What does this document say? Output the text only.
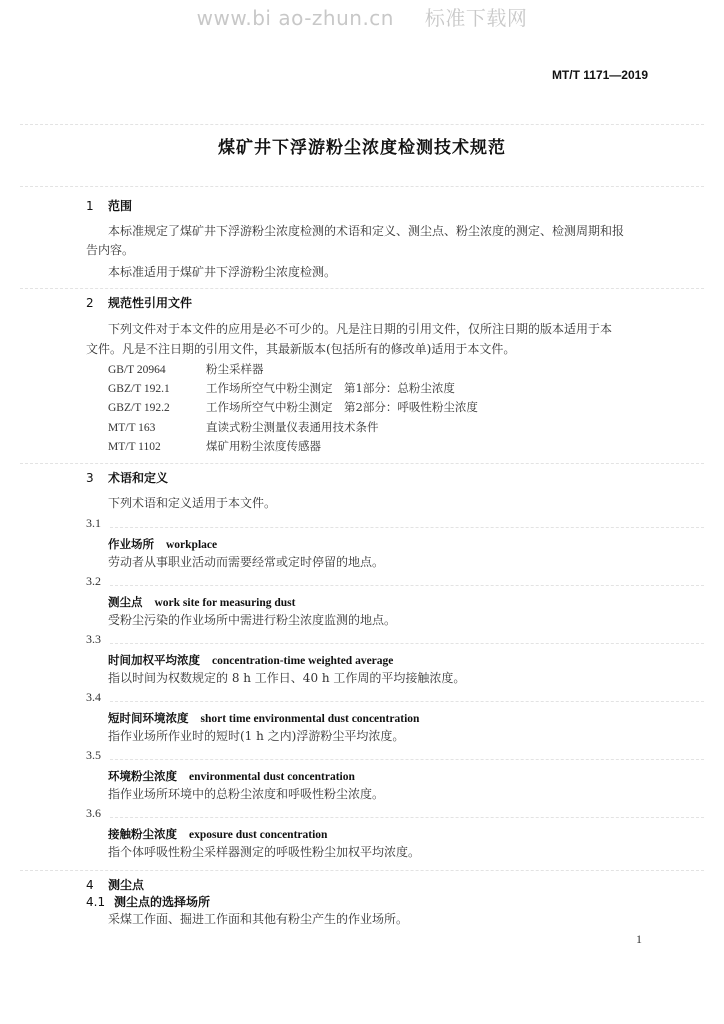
www.bi ao-zhun.cn 标准下载网
MT/T 1171—2019
煤矿井下浮游粉尘浓度检测技术规范
1 范围
本标准规定了煤矿井下浮游粉尘浓度检测的术语和定义、测尘点、粉尘浓度的测定、检测周期和报
告内容。
本标准适用于煤矿井下浮游粉尘浓度检测。
2 规范性引用文件
下列文件对于本文件的应用是必不可少的。凡是注日期的引用文件，仅所注日期的版本适用于本
文件。凡是不注日期的引用文件，其最新版本(包括所有的修改单)适用于本文件。
GB/T 20964	粉尘采样器
GBZ/T 192.1	工作场所空气中粉尘测定　第1部分：总粉尘浓度
GBZ/T 192.2	工作场所空气中粉尘测定　第2部分：呼吸性粉尘浓度
MT/T 163	直读式粉尘测量仪表通用技术条件
MT/T 1102	煤矿用粉尘浓度传感器
3 术语和定义
下列术语和定义适用于本文件。
3.1
作业场所 workplace
劳动者从事职业活动而需要经常或定时停留的地点。
3.2
测尘点 work site for measuring dust
受粉尘污染的作业场所中需进行粉尘浓度监测的地点。
3.3
时间加权平均浓度 concentration-time weighted average
指以时间为权数规定的 8 h 工作日、40 h 工作周的平均接触浓度。
3.4
短时间环境浓度 short time environmental dust concentration
指作业场所作业时的短时(1 h 之内)浮游粉尘平均浓度。
3.5
环境粉尘浓度 environmental dust concentration
指作业场所环境中的总粉尘浓度和呼吸性粉尘浓度。
3.6
接触粉尘浓度 exposure dust concentration
指个体呼吸性粉尘采样器测定的呼吸性粉尘加权平均浓度。
4 测尘点
4.1 测尘点的选择场所
采煤工作面、掘进工作面和其他有粉尘产生的作业场所。
1
